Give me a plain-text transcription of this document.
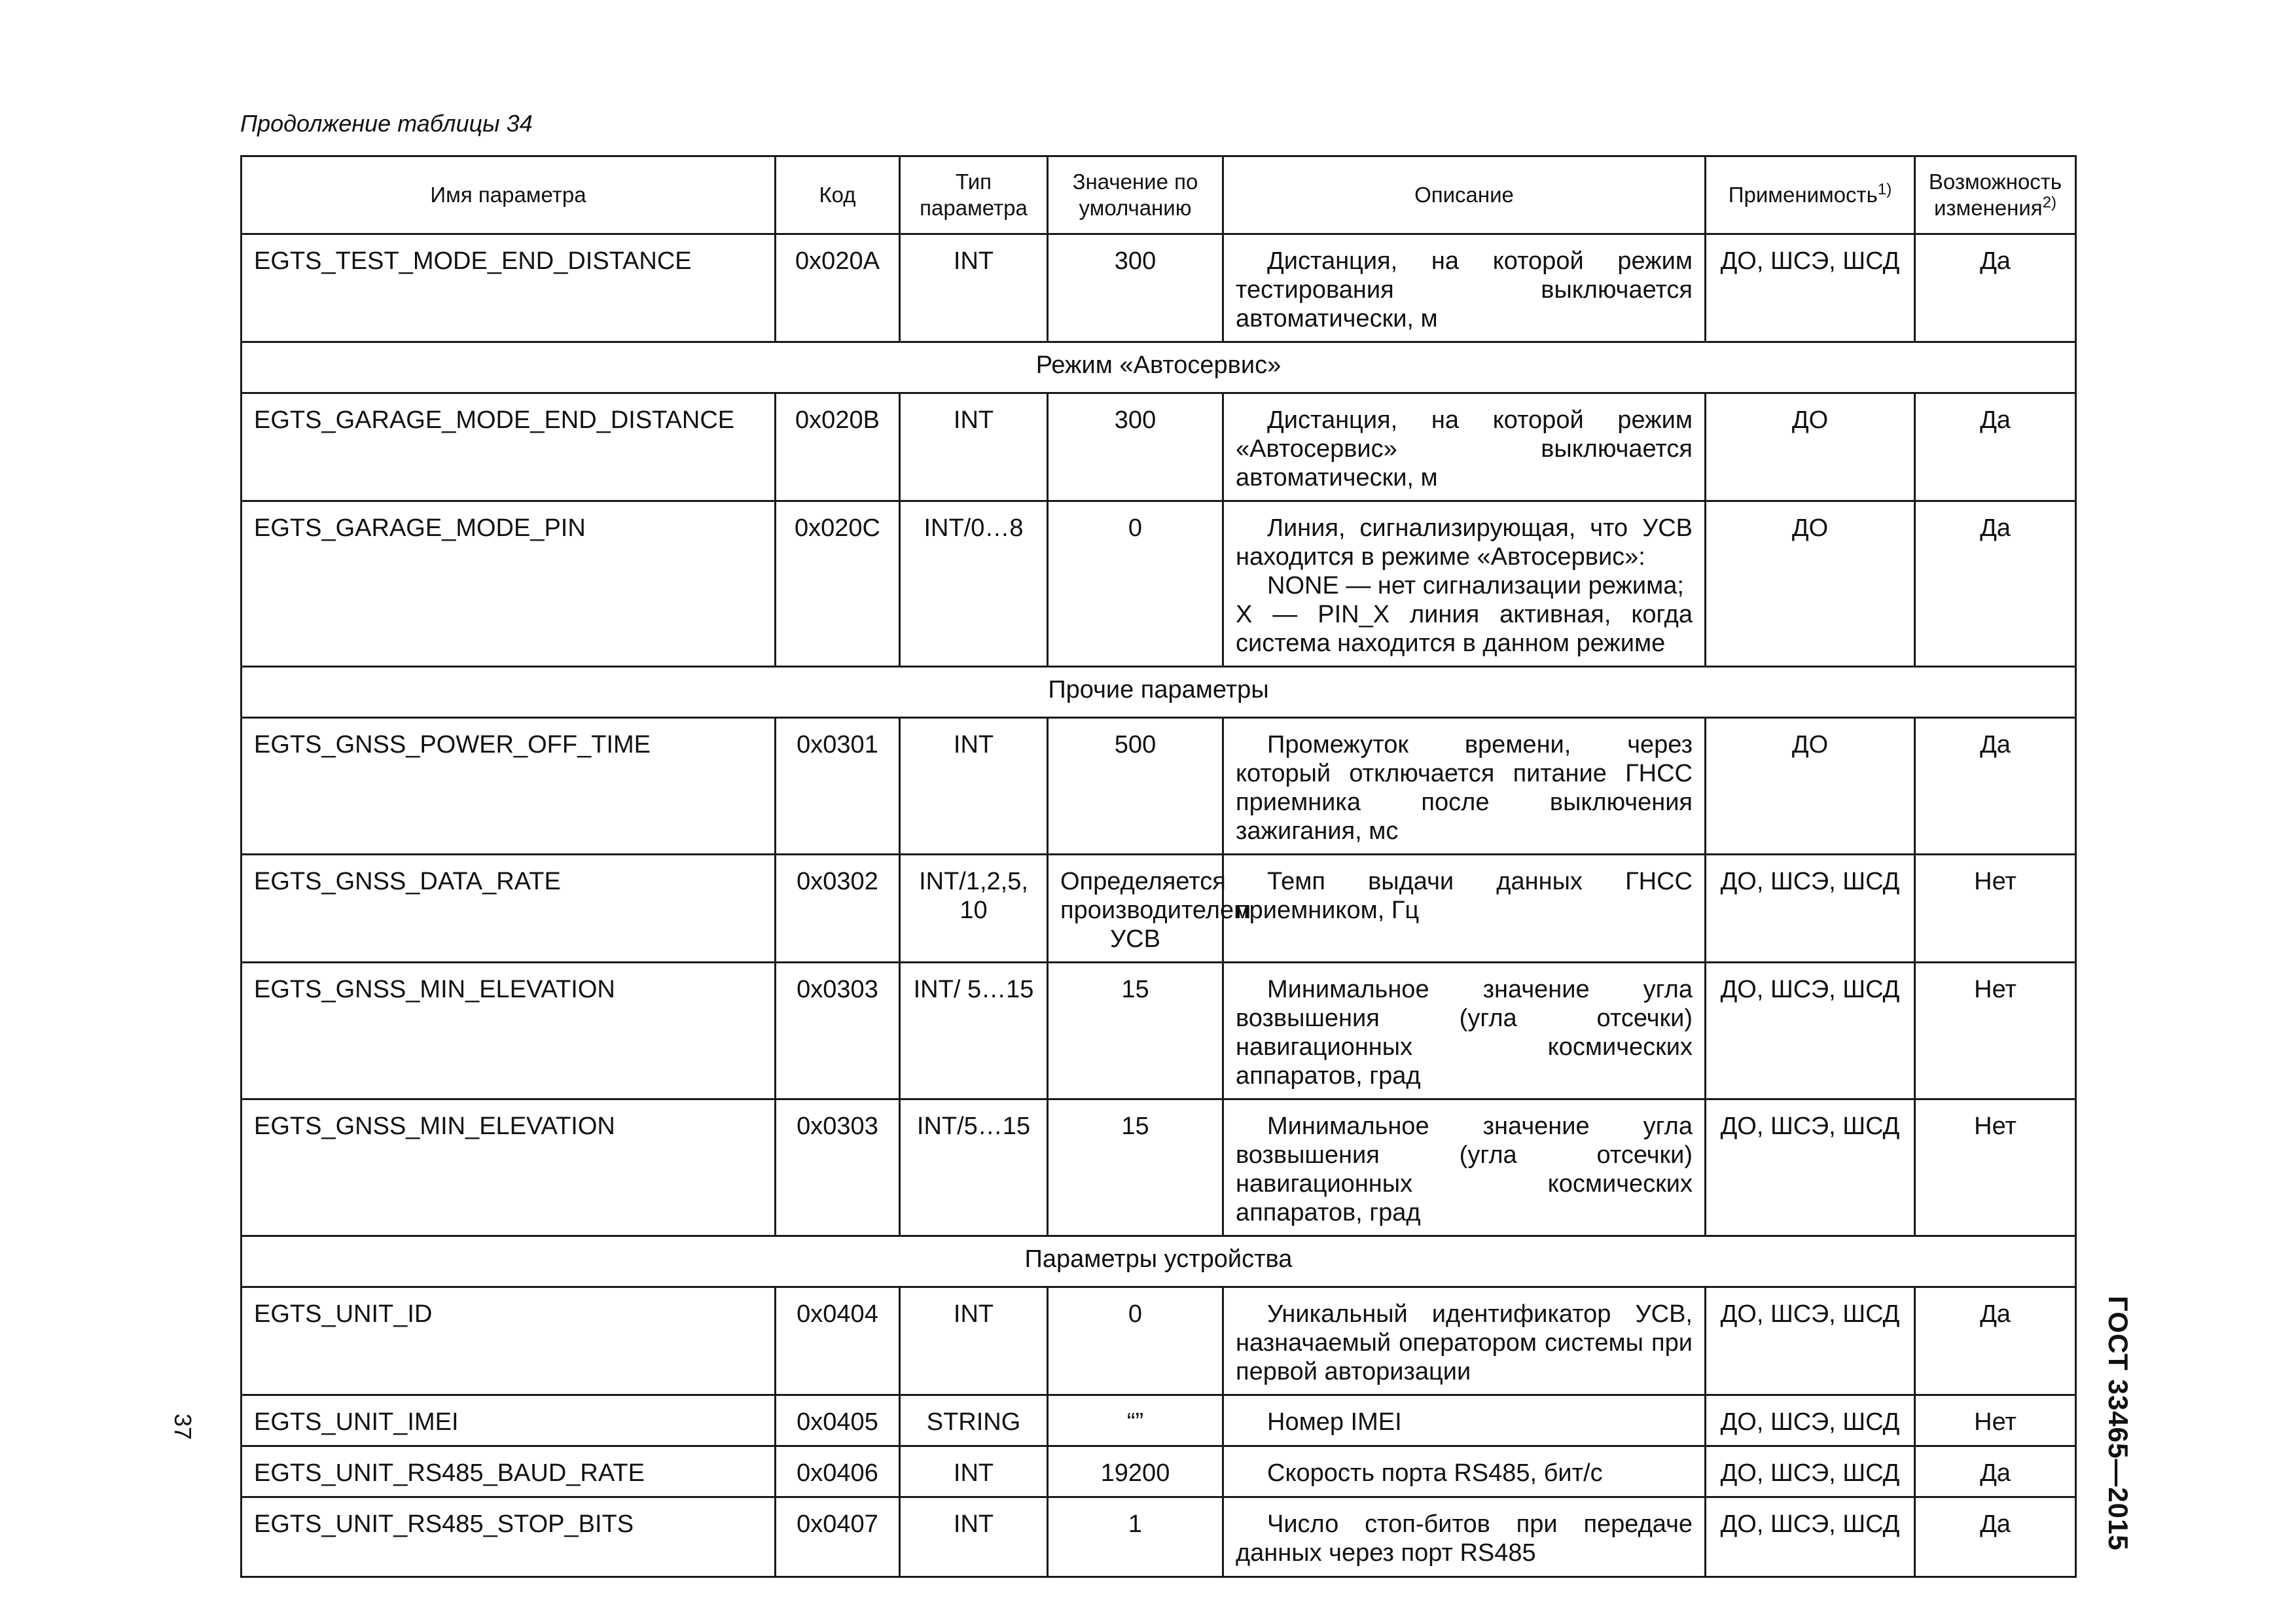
Продолжение таблицы 34
Имя параметра	Код	Тип параметра	Значение по умолчанию	Описание	Применимость$^{1)}$	Возможность изменения$^{2)}$
EGTS_TEST_MODE_END_DISTANCE	0x020A	INT	300	Дистанция, на которой режим тестирования выключается автоматически, м	ДО, ШСЭ, ШСД	Да
Режим «Автосервис»						
EGTS_GARAGE_MODE_END_DISTANCE	0x020B	INT	300	Дистанция, на которой режим «Автосервис» выключается автоматически, м	ДО	Да
EGTS_GARAGE_MODE_PIN	0x020C	INT/0…8	0	Линия, сигнализирующая, что УСВ находится в режиме «Автосервис»:
NONE — нет сигнализации режима;
X — PIN_X линия активная, когда система находится в данном режиме	ДО	Да
Прочие параметры						
EGTS_GNSS_POWER_OFF_TIME	0x0301	INT	500	Промежуток времени, через который отключается питание ГНСС приемника после выключения зажигания, мс	ДО	Да
EGTS_GNSS_DATA_RATE	0x0302	INT/1,2,5, 10	Определяется производителем УСВ	Темп выдачи данных ГНСС приемником, Гц	ДО, ШСЭ, ШСД	Нет
EGTS_GNSS_MIN_ELEVATION	0x0303	INT/ 5…15	15	Минимальное значение угла возвышения (угла отсечки) навигационных космических аппаратов, град	ДО, ШСЭ, ШСД	Нет
EGTS_GNSS_MIN_ELEVATION	0x0303	INT/5…15	15	Минимальное значение угла возвышения (угла отсечки) навигационных космических аппаратов, град	ДО, ШСЭ, ШСД	Нет
Параметры устройства						
EGTS_UNIT_ID	0x0404	INT	0	Уникальный идентификатор УСВ, назначаемый оператором системы при первой авторизации	ДО, ШСЭ, ШСД	Да
EGTS_UNIT_IMEI	0x0405	STRING	“”	Номер IMEI	ДО, ШСЭ, ШСД	Нет
EGTS_UNIT_RS485_BAUD_RATE	0x0406	INT	19200	Скорость порта RS485, бит/с	ДО, ШСЭ, ШСД	Да
EGTS_UNIT_RS485_STOP_BITS	0x0407	INT	1	Число стоп-битов при передаче данных через порт RS485	ДО, ШСЭ, ШСД	Да	ГОСТ 33465—2015
37
